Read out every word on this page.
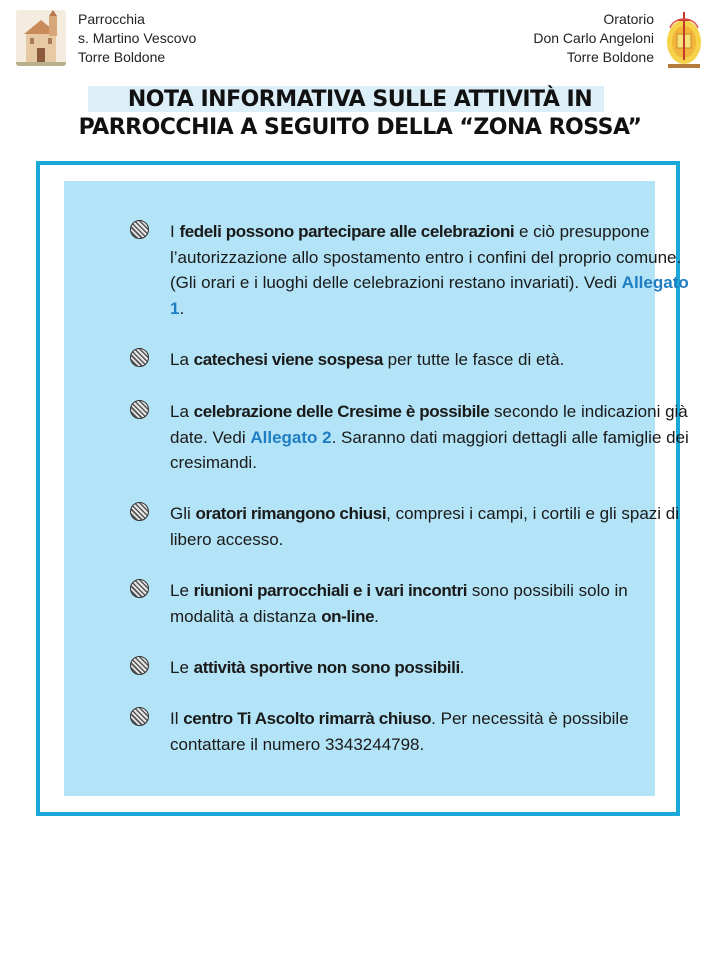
Parrocchia
s. Martino Vescovo
Torre Boldone
Oratorio
Don Carlo Angeloni
Torre Boldone
NOTA INFORMATIVA SULLE ATTIVITÀ IN
PARROCCHIA A SEGUITO DELLA “ZONA ROSSA”
I fedeli possono partecipare alle celebrazioni e ciò presuppone l’autorizzazione allo spostamento entro i confini del proprio comune. (Gli orari e i luoghi delle celebrazioni restano invariati). Vedi Allegato 1.
La catechesi viene sospesa per tutte le fasce di età.
La celebrazione delle Cresime è possibile secondo le indicazioni già date. Vedi Allegato 2. Saranno dati maggiori dettagli alle famiglie dei cresimandi.
Gli oratori rimangono chiusi, compresi i campi, i cortili e gli spazi di libero accesso.
Le riunioni parrocchiali e i vari incontri sono possibili solo in modalità a distanza on-line.
Le attività sportive non sono possibili.
Il centro Ti Ascolto rimarrà chiuso. Per necessità è possibile contattare il numero 3343244798.
